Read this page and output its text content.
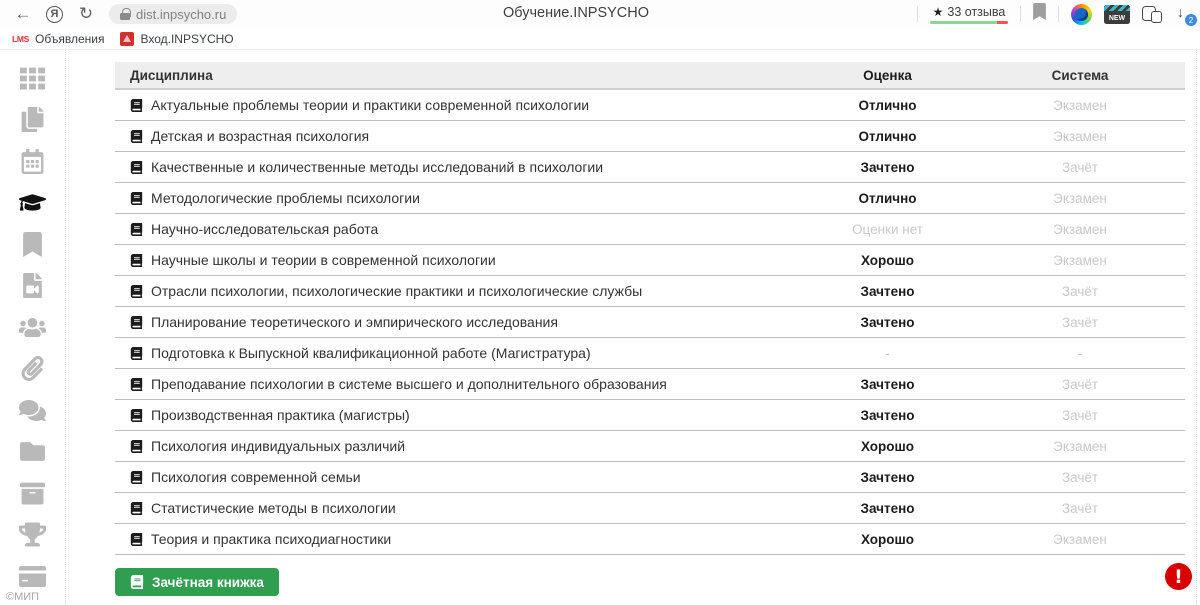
←	Я	↻	dist.inpsycho.ru	Обучение.INPSYCHO	★ 33 отзыва	NEW	↓ 2
LMS Объявления	Вход.INPSYCHO
©МИП
Дисциплина	Оценка	Система
Актуальные проблемы теории и практики современной психологии	Отлично	Экзамен
Детская и возрастная психология	Отлично	Экзамен
Качественные и количественные методы исследований в психологии	Зачтено	Зачёт
Методологические проблемы психологии	Отлично	Экзамен
Научно-исследовательская работа	Оценки нет	Экзамен
Научные школы и теории в современной психологии	Хорошо	Экзамен
Отрасли психологии, психологические практики и психологические службы	Зачтено	Зачёт
Планирование теоретического и эмпирического исследования	Зачтено	Зачёт
Подготовка к Выпускной квалификационной работе (Магистратура)	-	-
Преподавание психологии в системе высшего и дополнительного образования	Зачтено	Зачёт
Производственная практика (магистры)	Зачтено	Зачёт
Психология индивидуальных различий	Хорошо	Экзамен
Психология современной семьи	Зачтено	Зачёт
Статистические методы в психологии	Зачтено	Зачёт
Теория и практика психодиагностики	Хорошо	Экзамен
Зачётная книжка	!
